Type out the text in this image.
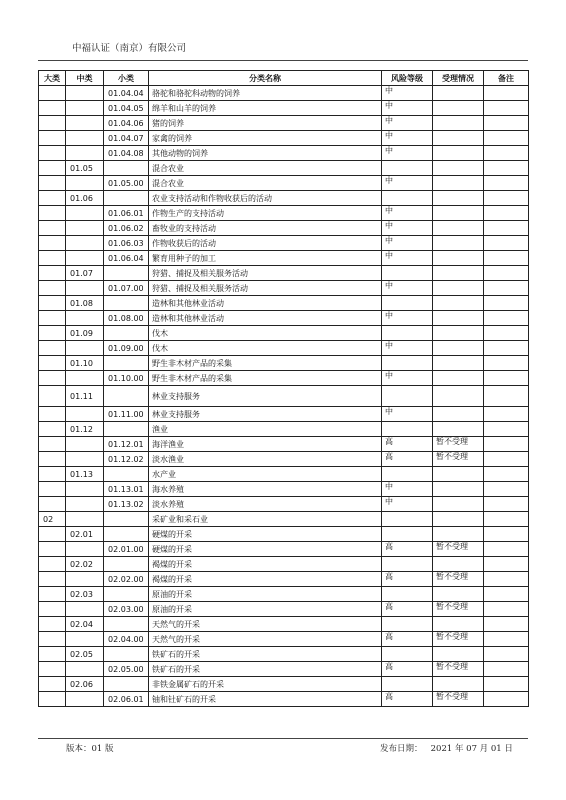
中福认证（南京）有限公司
大类	中类	小类	分类名称	风险等级	受理情况	备注
		01.04.04	骆驼和骆驼科动物的饲养	中		
		01.04.05	绵羊和山羊的饲养	中		
		01.04.06	猪的饲养	中		
		01.04.07	家禽的饲养	中		
		01.04.08	其他动物的饲养	中		
	01.05		混合农业			
		01.05.00	混合农业	中		
	01.06		农业支持活动和作物收获后的活动			
		01.06.01	作物生产的支持活动	中		
		01.06.02	畜牧业的支持活动	中		
		01.06.03	作物收获后的活动	中		
		01.06.04	繁育用种子的加工	中		
	01.07		狩猎、捕捉及相关服务活动			
		01.07.00	狩猎、捕捉及相关服务活动	中		
	01.08		造林和其他林业活动			
		01.08.00	造林和其他林业活动	中		
	01.09		伐木			
		01.09.00	伐木	中		
	01.10		野生非木材产品的采集			
		01.10.00	野生非木材产品的采集	中		
	01.11		林业支持服务			
		01.11.00	林业支持服务	中		
	01.12		渔业			
		01.12.01	海洋渔业	高	暂不受理	
		01.12.02	淡水渔业	高	暂不受理	
	01.13		水产业			
		01.13.01	海水养殖	中		
		01.13.02	淡水养殖	中		
02			采矿业和采石业			
	02.01		硬煤的开采			
		02.01.00	硬煤的开采	高	暂不受理	
	02.02		褐煤的开采			
		02.02.00	褐煤的开采	高	暂不受理	
	02.03		原油的开采			
		02.03.00	原油的开采	高	暂不受理	
	02.04		天然气的开采			
		02.04.00	天然气的开采	高	暂不受理	
	02.05		铁矿石的开采			
		02.05.00	铁矿石的开采	高	暂不受理	
	02.06		非铁金属矿石的开采			
		02.06.01	铀和钍矿石的开采	高	暂不受理	
版本：01 版	发布日期： 2021 年 07 月 01 日
